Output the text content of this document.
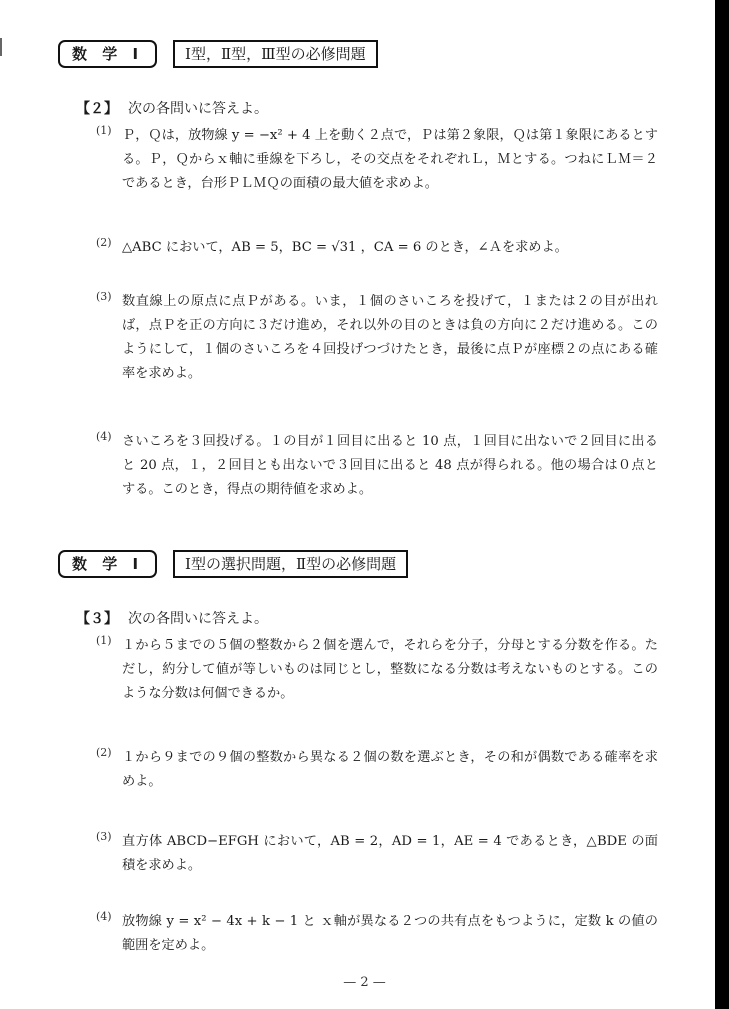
数 学 Ⅰ	Ⅰ型，Ⅱ型，Ⅲ型の必修問題
【２】 次の各問いに答えよ。
(1) Ｐ，Ｑは，放物線 y = −x² + 4 上を動く２点で，Ｐは第２象限，Ｑは第１象限にあるとする。Ｐ，Ｑからｘ軸に垂線を下ろし，その交点をそれぞれＬ，Ｍとする。つねにＬＭ＝２であるとき，台形ＰＬＭＱの面積の最大値を求めよ。
(2) △ABC において，AB = 5，BC = √31 ，CA = 6 のとき，∠Ａを求めよ。
(3) 数直線上の原点に点Ｐがある。いま，１個のさいころを投げて，１または２の目が出れば，点Ｐを正の方向に３だけ進め，それ以外の目のときは負の方向に２だけ進める。このようにして，１個のさいころを４回投げつづけたとき，最後に点Ｐが座標２の点にある確率を求めよ。
(4) さいころを３回投げる。１の目が１回目に出ると 10 点，１回目に出ないで２回目に出ると 20 点，１，２回目とも出ないで３回目に出ると 48 点が得られる。他の場合は０点とする。このとき，得点の期待値を求めよ。
数 学 Ⅰ	Ⅰ型の選択問題，Ⅱ型の必修問題
【３】 次の各問いに答えよ。
(1) １から５までの５個の整数から２個を選んで，それらを分子，分母とする分数を作る。ただし，約分して値が等しいものは同じとし，整数になる分数は考えないものとする。このような分数は何個できるか。
(2) １から９までの９個の整数から異なる２個の数を選ぶとき，その和が偶数である確率を求めよ。
(3) 直方体 ABCD−EFGH において，AB = 2，AD = 1，AE = 4 であるとき，△BDE の面積を求めよ。
(4) 放物線 y = x² − 4x + k − 1 と ｘ軸が異なる２つの共有点をもつように，定数 k の値の範囲を定めよ。
— 2 —
